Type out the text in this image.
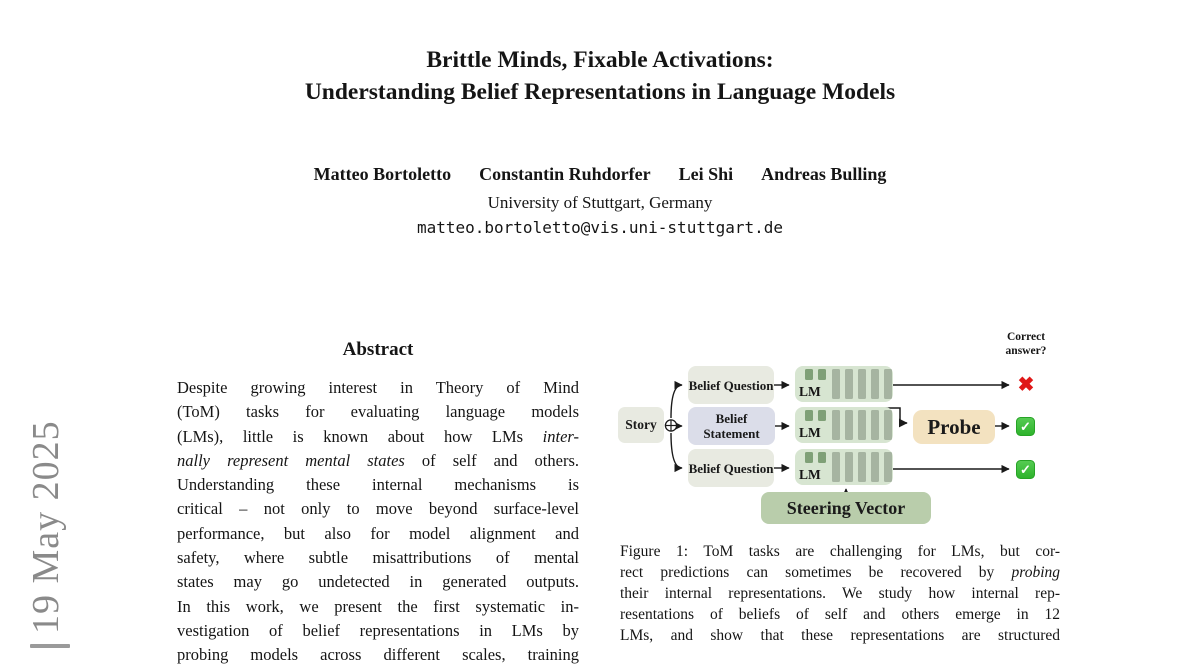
19 May 2025
Brittle Minds, Fixable Activations:
Understanding Belief Representations in Language Models
Matteo Bortoletto Constantin Ruhdorfer Lei Shi Andreas Bulling
University of Stuttgart, Germany
matteo.bortoletto@vis.uni-stuttgart.de
Abstract
Despite growing interest in Theory of Mind
(ToM) tasks for evaluating language models
(LMs), little is known about how LMs inter-
nally represent mental states of self and others.
Understanding these internal mechanisms is
critical – not only to move beyond surface-level
performance, but also for model alignment and
safety, where subtle misattributions of mental
states may go undetected in generated outputs.
In this work, we present the first systematic in-
vestigation of belief representations in LMs by
probing models across different scales, training
Story
Belief Question
Belief Statement
Belief Question
LM
LM
LM
Probe
Steering Vector
Correct
answer?
✖
✓
✓
Figure 1: ToM tasks are challenging for LMs, but cor-
rect predictions can sometimes be recovered by probing
their internal representations. We study how internal rep-
resentations of beliefs of self and others emerge in 12
LMs, and show that these representations are structured
